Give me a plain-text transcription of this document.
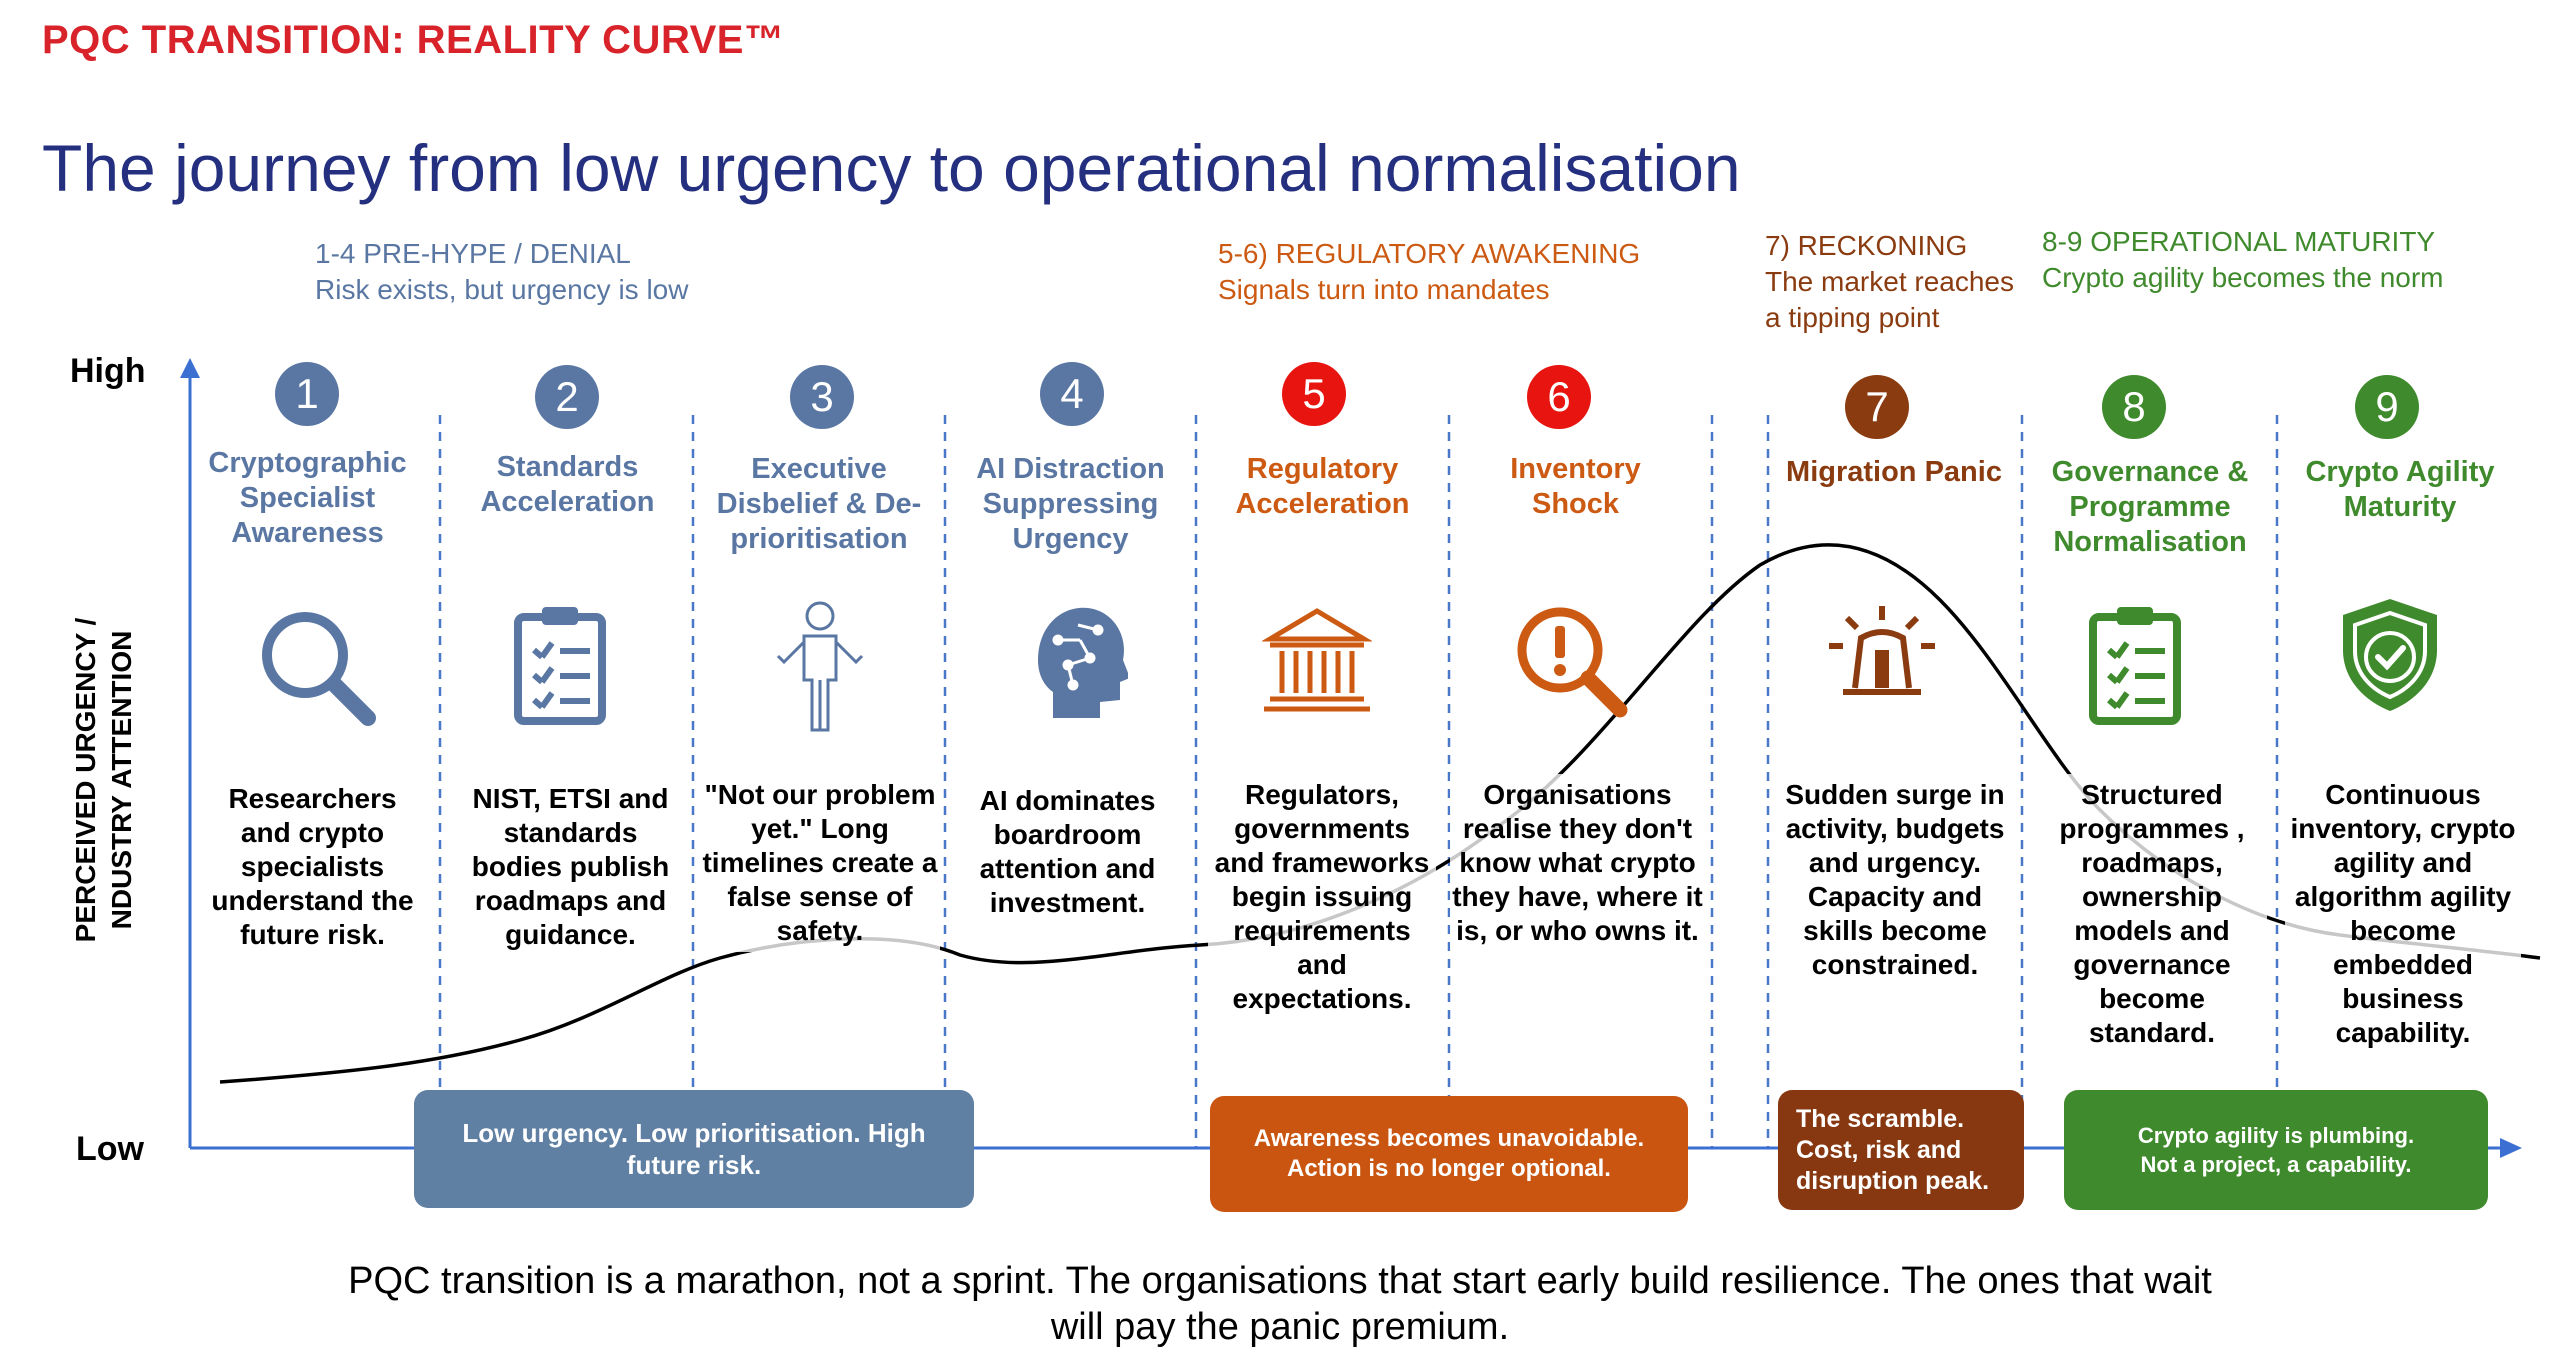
PQC TRANSITION: REALITY CURVE™
The journey from low urgency to operational normalisation
1-4 PRE-HYPE / DENIAL
Risk exists, but urgency is low
5-6) REGULATORY AWAKENING
Signals turn into mandates
7) RECKONING
The market reaches a tipping point
8-9 OPERATIONAL MATURITY
Crypto agility becomes the norm
High
Low
PERCEIVED URGENCY / NDUSTRY ATTENTION
1	2	3	4	5	6	7	8	9
Cryptographic Specialist Awareness
Standards Acceleration
Executive Disbelief & De-prioritisation
AI Distraction Suppressing Urgency
Regulatory Acceleration
Inventory Shock
Migration Panic	Governance & Programme Normalisation
Crypto Agility Maturity
Researchers and crypto specialists understand the future risk.
NIST, ETSI and standards bodies publish roadmaps and guidance.
"Not our problem yet." Long timelines create a false sense of safety.
AI dominates boardroom attention and investment.
Regulators, governments and frameworks begin issuing requirements and expectations.
Organisations realise they don't know what crypto they have, where it is, or who owns it.
Sudden surge in activity, budgets and urgency. Capacity and skills become constrained.
Structured programmes , roadmaps, ownership models and governance become standard.
Continuous inventory, crypto agility and algorithm agility become embedded business capability.
Low urgency. Low prioritisation. High
future risk.
Awareness becomes unavoidable.
Action is no longer optional.
The scramble.
Cost, risk and
disruption peak.
Crypto agility is plumbing.
Not a project, a capability.
PQC transition is a marathon, not a sprint. The organisations that start early build resilience. The ones that wait
will pay the panic premium.
